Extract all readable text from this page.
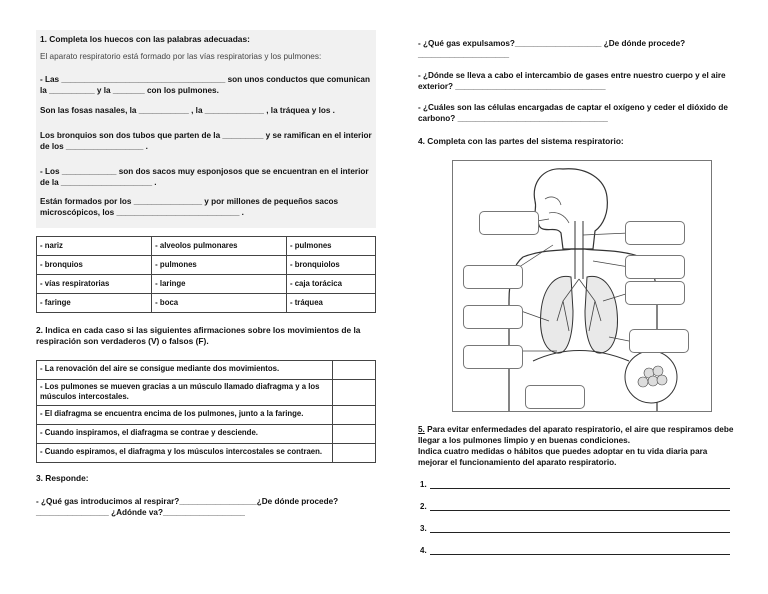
1. Completa los huecos con las palabras adecuadas:

El aparato respiratorio está formado por las vías respiratorias y los pulmones:

- Las ____________________________________ son unos conductos que comunican la __________ y la _______ con los pulmones.

Son las fosas nasales, la ___________ , la _____________ , la tráquea y los .

Los bronquios son dos tubos que parten de la _________ y se ramifican en el interior de los _________________ .

- Los ____________ son dos sacos muy esponjosos que se encuentran en el interior de la ____________________ .

Están formados por los _______________ y por millones de pequeños sacos microscópicos, los ___________________________ .

- nariz	- alveolos pulmonares	- pulmones
- bronquios	- pulmones	- bronquiolos
- vías respiratorias	- laringe	- caja torácica
- faringe	- boca	- tráquea

2. Indica en cada caso si las siguientes afirmaciones sobre los movimientos de la respiración son verdaderos (V) o falsos (F).

- La renovación del aire se consigue mediante dos movimientos.	
- Los pulmones se mueven gracias a un músculo llamado diafragma y a los músculos intercostales.	
- El diafragma se encuentra encima de los pulmones, junto a la faringe.	
- Cuando inspiramos, el diafragma se contrae y desciende.	
- Cuando espiramos, el diafragma y los músculos intercostales se contraen.	

3. Responde:

- ¿Qué gas introducimos al respirar?_________________¿De dónde procede? ________________ ¿Adónde va?__________________

- ¿Qué gas expulsamos?___________________ ¿De dónde procede? ____________________

- ¿Dónde se lleva a cabo el intercambio de gases entre nuestro cuerpo y el aire exterior? _________________________________

- ¿Cuáles son las células encargadas de captar el oxígeno y ceder el dióxido de carbono? _________________________________

4. Completa con las partes del sistema respiratorio:

5. Para evitar enfermedades del aparato respiratorio, el aire que respiramos debe llegar a los pulmones limpio y en buenas condiciones.

Indica cuatro medidas o hábitos que puedes adoptar en tu vida diaria para mejorar el funcionamiento del aparato respiratorio.

1.
2.
3.
4.
